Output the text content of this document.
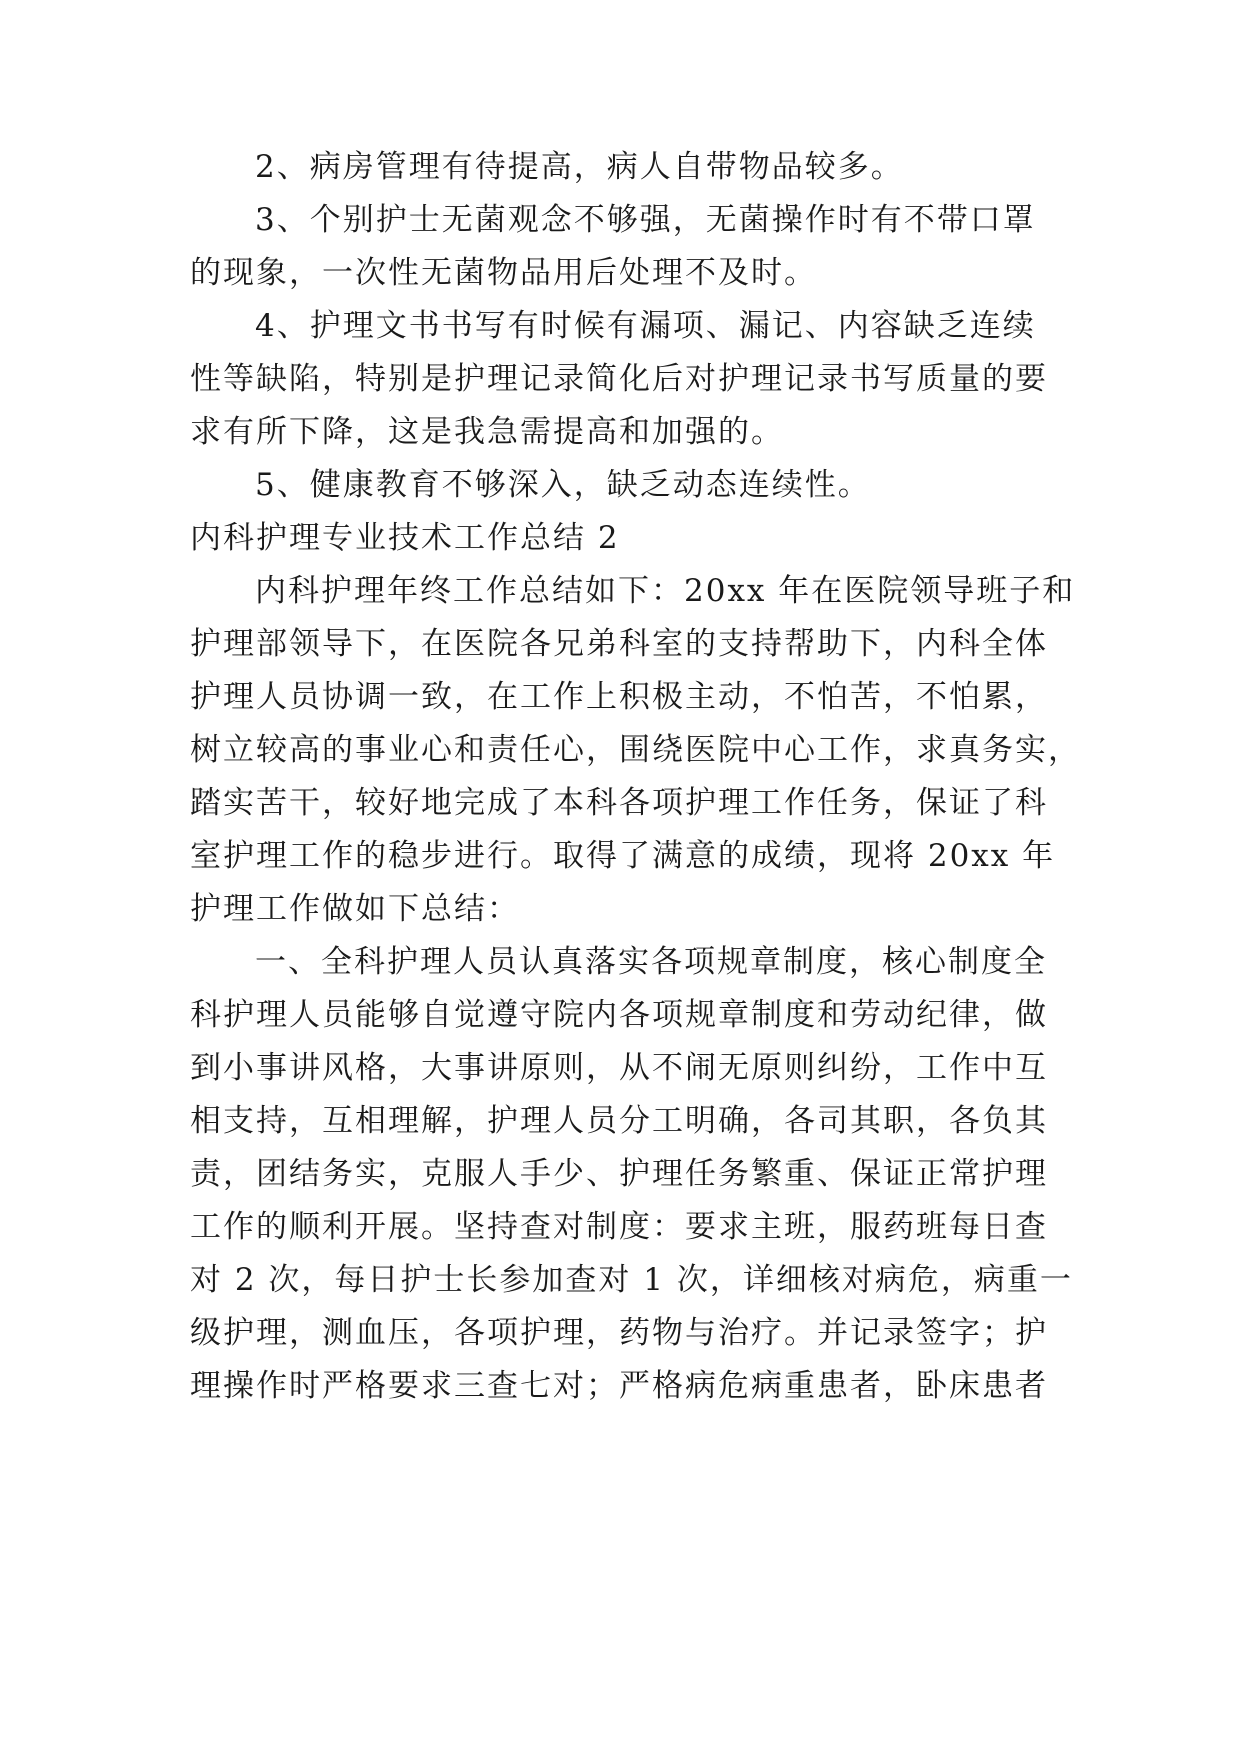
2、病房管理有待提高，病人自带物品较多。

3、个别护士无菌观念不够强，无菌操作时有不带口罩

的现象，一次性无菌物品用后处理不及时。

4、护理文书书写有时候有漏项、漏记、内容缺乏连续

性等缺陷，特别是护理记录简化后对护理记录书写质量的要

求有所下降，这是我急需提高和加强的。

5、健康教育不够深入，缺乏动态连续性。

内科护理专业技术工作总结 2

内科护理年终工作总结如下：20xx 年在医院领导班子和

护理部领导下，在医院各兄弟科室的支持帮助下，内科全体

护理人员协调一致，在工作上积极主动，不怕苦，不怕累，

树立较高的事业心和责任心，围绕医院中心工作，求真务实，

踏实苦干，较好地完成了本科各项护理工作任务，保证了科

室护理工作的稳步进行。取得了满意的成绩，现将 20xx 年

护理工作做如下总结：

一、全科护理人员认真落实各项规章制度，核心制度全

科护理人员能够自觉遵守院内各项规章制度和劳动纪律，做

到小事讲风格，大事讲原则，从不闹无原则纠纷，工作中互

相支持，互相理解，护理人员分工明确，各司其职，各负其

责，团结务实，克服人手少、护理任务繁重、保证正常护理

工作的顺利开展。坚持查对制度：要求主班，服药班每日查

对 2 次，每日护士长参加查对 1 次，详细核对病危，病重一

级护理，测血压，各项护理，药物与治疗。并记录签字；护

理操作时严格要求三查七对；严格病危病重患者，卧床患者
